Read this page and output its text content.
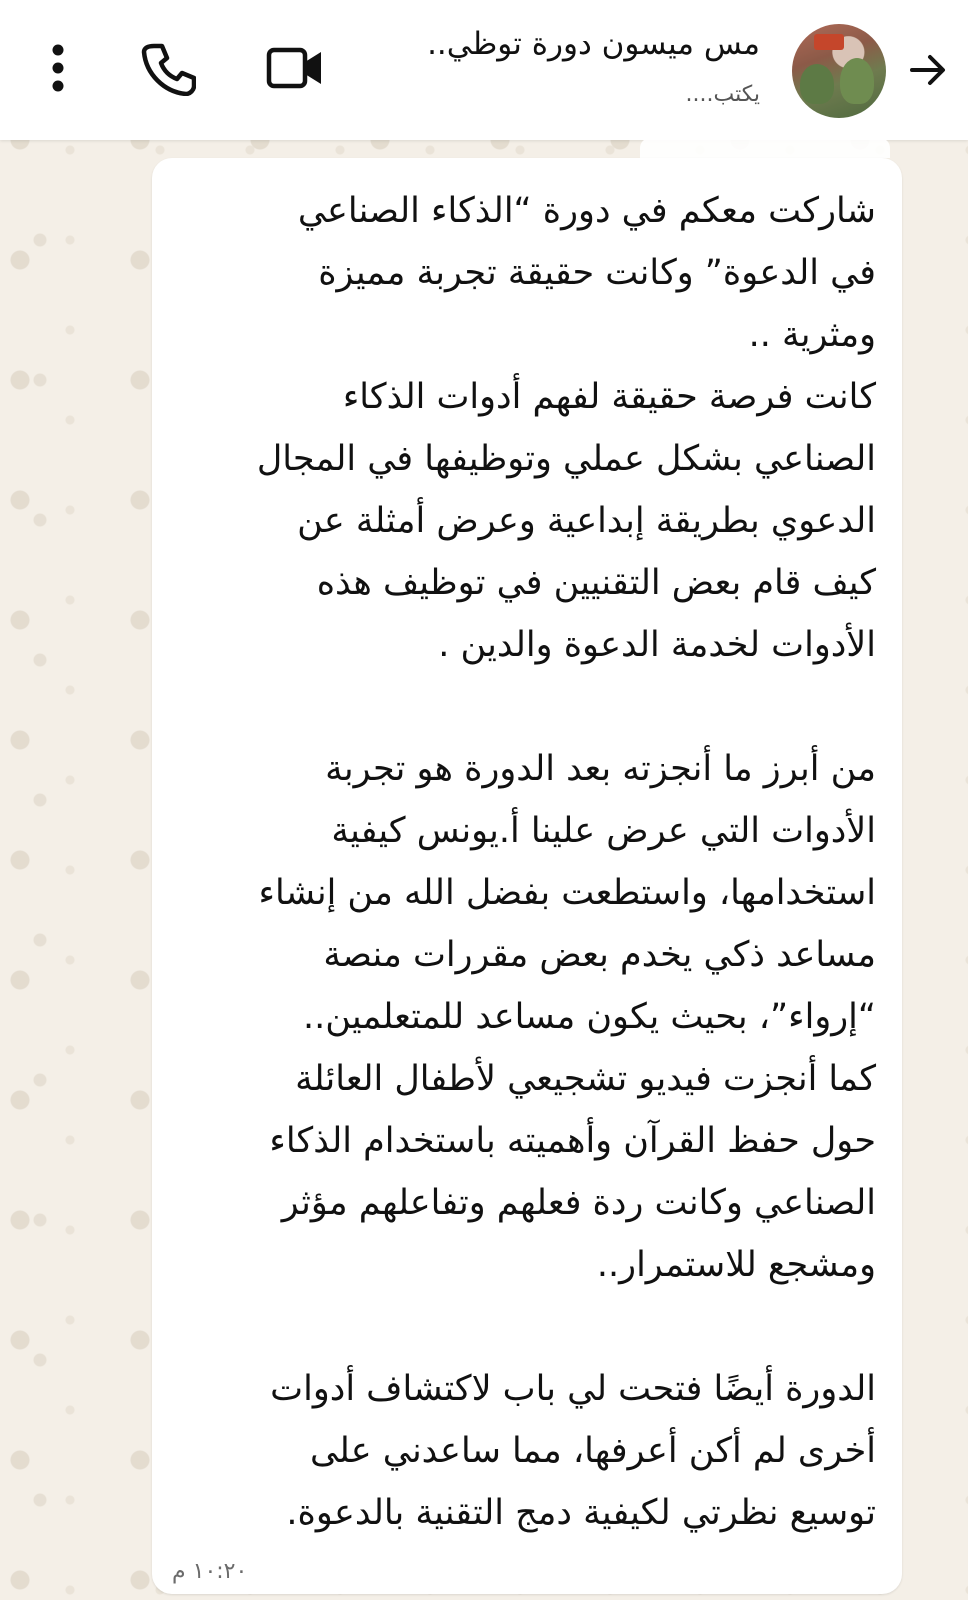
مس ميسون دورة توظي..
يكتب....
شاركت معكم في دورة “الذكاء الصناعي
في الدعوة” وكانت حقيقة تجربة مميزة
ومثرية ..
كانت فرصة حقيقة لفهم أدوات الذكاء
الصناعي بشكل عملي وتوظيفها في المجال
الدعوي بطريقة إبداعية وعرض أمثلة عن
كيف قام بعض التقنيين في توظيف هذه
الأدوات لخدمة الدعوة والدين .
من أبرز ما أنجزته بعد الدورة هو تجربة
الأدوات التي عرض علينا أ.يونس كيفية
استخدامها، واستطعت بفضل الله من إنشاء
مساعد ذكي يخدم بعض مقررات منصة
“إرواء”، بحيث يكون مساعد للمتعلمين..
كما أنجزت فيديو تشجيعي لأطفال العائلة
حول حفظ القرآن وأهميته باستخدام الذكاء
الصناعي وكانت ردة فعلهم وتفاعلهم مؤثر
ومشجع للاستمرار..
الدورة أيضًا فتحت لي باب لاكتشاف أدوات
أخرى لم أكن أعرفها، مما ساعدني على
توسيع نظرتي لكيفية دمج التقنية بالدعوة.
١٠:٢٠ م
